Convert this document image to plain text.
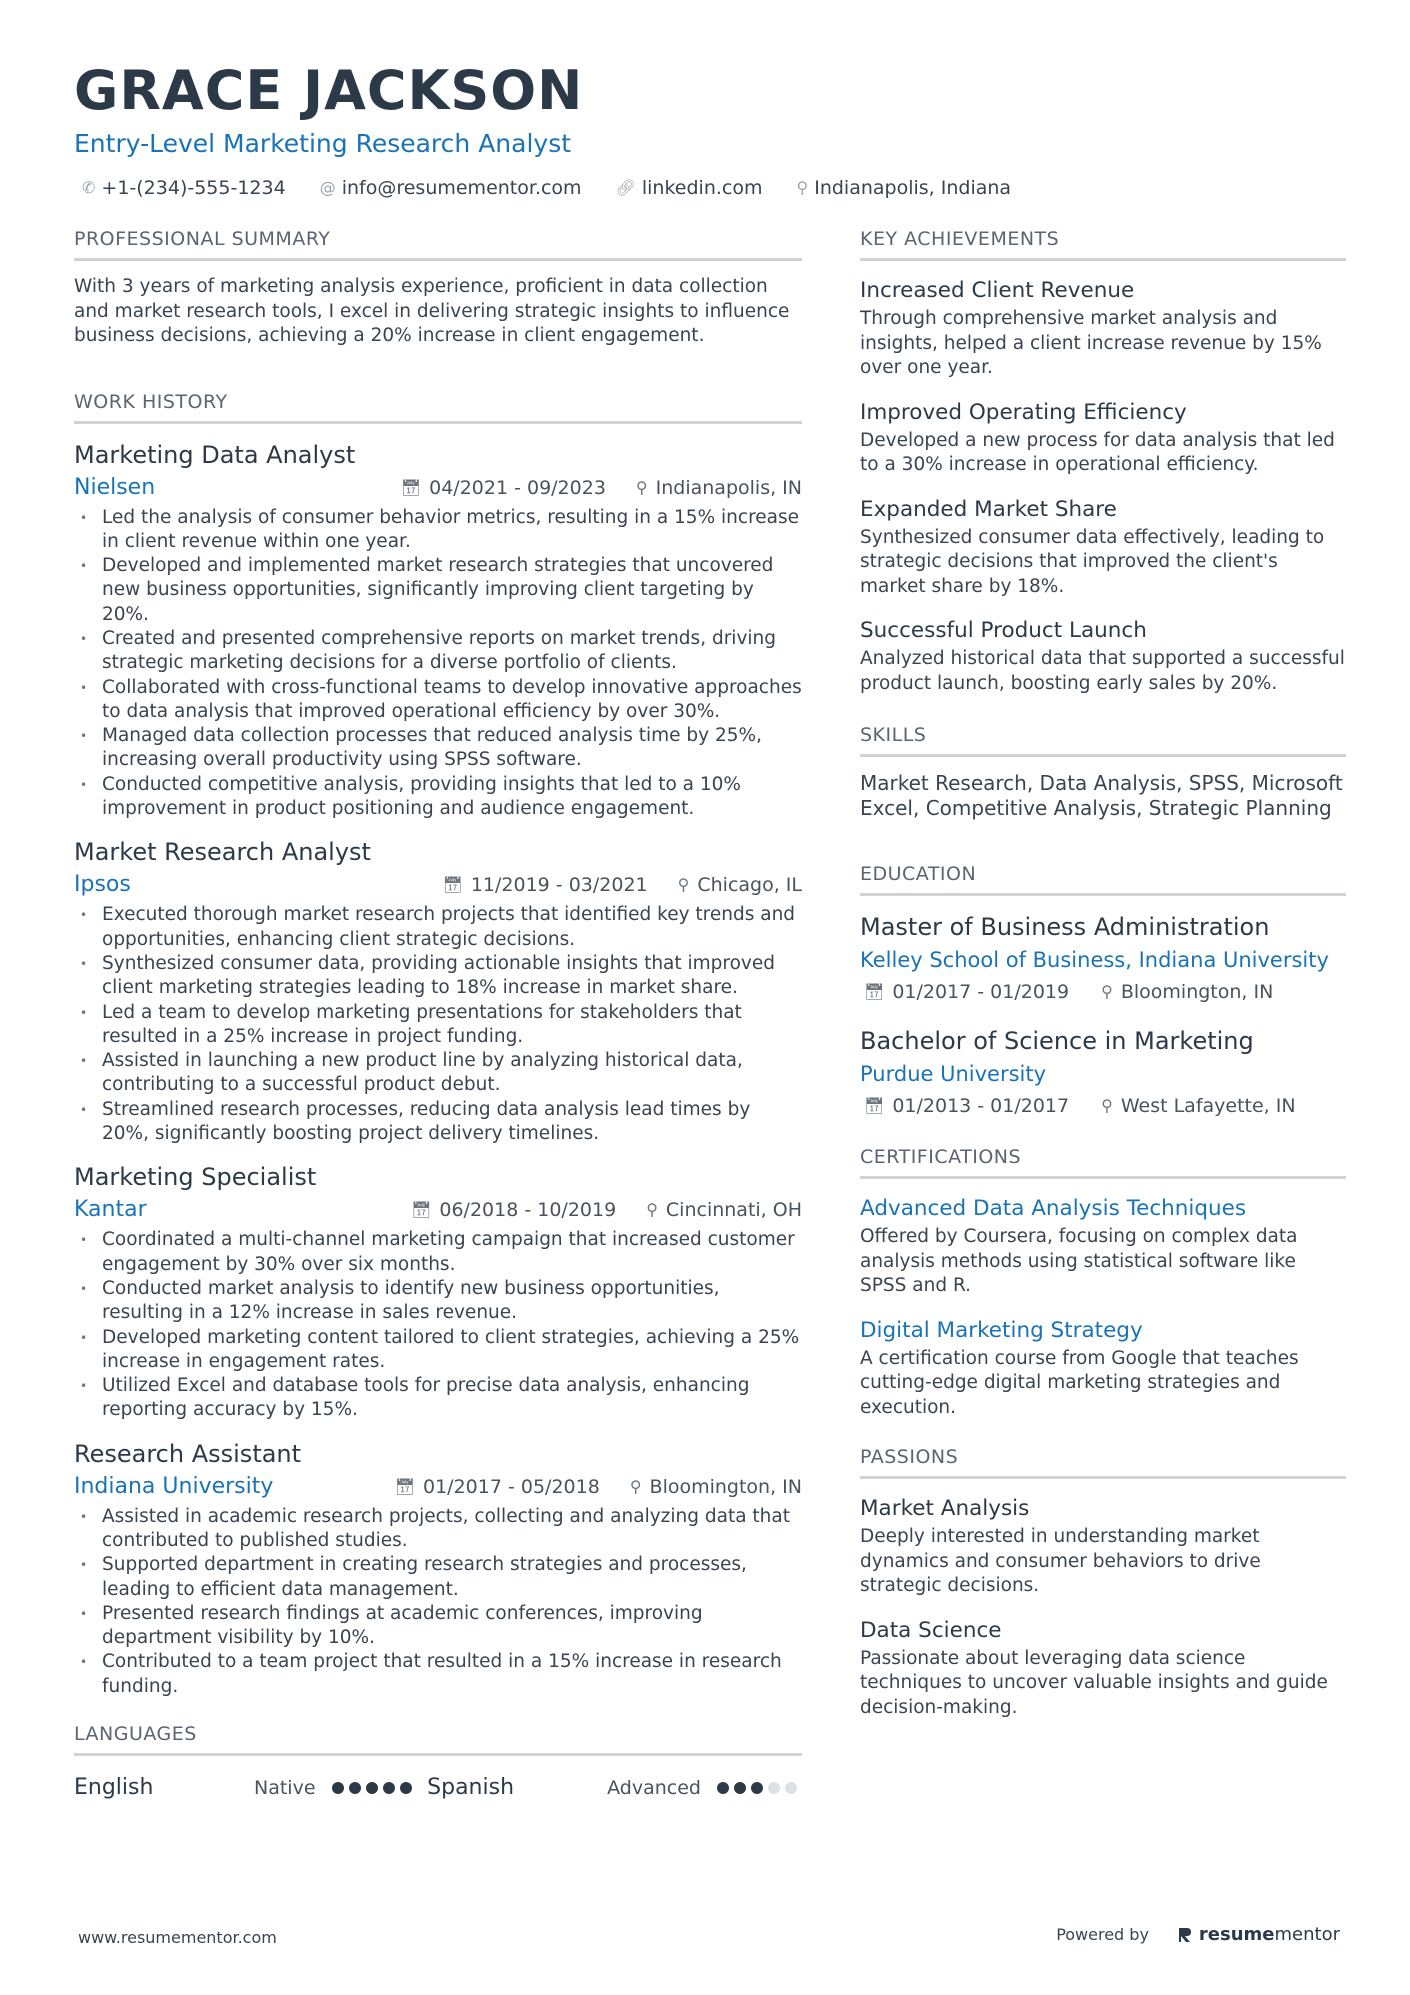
GRACE JACKSON
Entry-Level Marketing Research Analyst
✆ +1-(234)-555-1234 @ info@resumementor.com 🔗︎ linkedin.com ⚲ Indianapolis, Indiana
PROFESSIONAL SUMMARY
With 3 years of marketing analysis experience, proficient in data collection and market research tools, I excel in delivering strategic insights to influence business decisions, achieving a 20% increase in client engagement.
WORK HISTORY
Marketing Data Analyst
Nielsen	📅︎ 04/2021 - 09/2023 ⚲ Indianapolis, IN
• Led the analysis of consumer behavior metrics, resulting in a 15% increase in client revenue within one year.
• Developed and implemented market research strategies that uncovered new business opportunities, significantly improving client targeting by 20%.
• Created and presented comprehensive reports on market trends, driving strategic marketing decisions for a diverse portfolio of clients.
• Collaborated with cross-functional teams to develop innovative approaches to data analysis that improved operational efficiency by over 30%.
• Managed data collection processes that reduced analysis time by 25%, increasing overall productivity using SPSS software.
• Conducted competitive analysis, providing insights that led to a 10% improvement in product positioning and audience engagement.
Market Research Analyst
Ipsos	📅︎ 11/2019 - 03/2021 ⚲ Chicago, IL
• Executed thorough market research projects that identified key trends and opportunities, enhancing client strategic decisions.
• Synthesized consumer data, providing actionable insights that improved client marketing strategies leading to 18% increase in market share.
• Led a team to develop marketing presentations for stakeholders that resulted in a 25% increase in project funding.
• Assisted in launching a new product line by analyzing historical data, contributing to a successful product debut.
• Streamlined research processes, reducing data analysis lead times by 20%, significantly boosting project delivery timelines.
Marketing Specialist
Kantar	📅︎ 06/2018 - 10/2019 ⚲ Cincinnati, OH
• Coordinated a multi-channel marketing campaign that increased customer engagement by 30% over six months.
• Conducted market analysis to identify new business opportunities, resulting in a 12% increase in sales revenue.
• Developed marketing content tailored to client strategies, achieving a 25% increase in engagement rates.
• Utilized Excel and database tools for precise data analysis, enhancing reporting accuracy by 15%.
Research Assistant
Indiana University	📅︎ 01/2017 - 05/2018 ⚲ Bloomington, IN
• Assisted in academic research projects, collecting and analyzing data that contributed to published studies.
• Supported department in creating research strategies and processes, leading to efficient data management.
• Presented research findings at academic conferences, improving department visibility by 10%.
• Contributed to a team project that resulted in a 15% increase in research funding.
LANGUAGES
English	Native	Spanish	Advanced
KEY ACHIEVEMENTS
Increased Client Revenue
Through comprehensive market analysis and insights, helped a client increase revenue by 15% over one year.
Improved Operating Efficiency
Developed a new process for data analysis that led to a 30% increase in operational efficiency.
Expanded Market Share
Synthesized consumer data effectively, leading to strategic decisions that improved the client's market share by 18%.
Successful Product Launch
Analyzed historical data that supported a successful product launch, boosting early sales by 20%.
SKILLS
Market Research, Data Analysis, SPSS, Microsoft Excel, Competitive Analysis, Strategic Planning
EDUCATION
Master of Business Administration
Kelley School of Business, Indiana University
📅︎ 01/2017 - 01/2019 ⚲ Bloomington, IN
Bachelor of Science in Marketing
Purdue University
📅︎ 01/2013 - 01/2017 ⚲ West Lafayette, IN
CERTIFICATIONS
Advanced Data Analysis Techniques
Offered by Coursera, focusing on complex data analysis methods using statistical software like SPSS and R.
Digital Marketing Strategy
A certification course from Google that teaches cutting-edge digital marketing strategies and execution.
PASSIONS
Market Analysis
Deeply interested in understanding market dynamics and consumer behaviors to drive strategic decisions.
Data Science
Passionate about leveraging data science techniques to uncover valuable insights and guide decision-making.
www.resumementor.com	Powered by	resume mentor
